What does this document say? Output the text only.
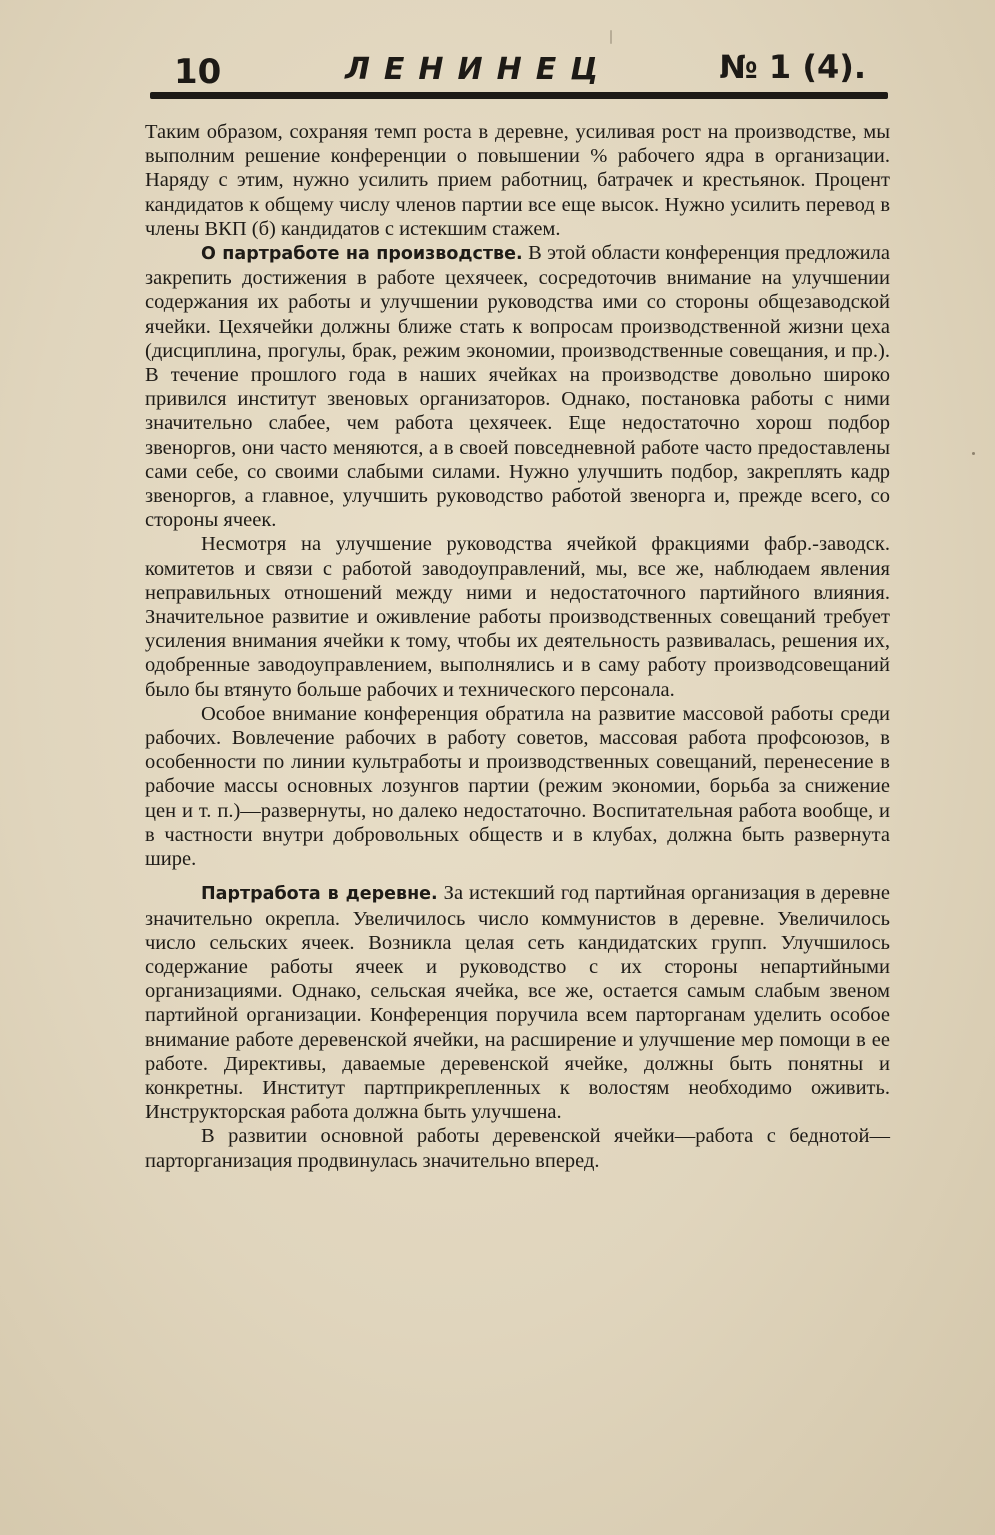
10	ЛЕНИНЕЦ	№ 1 (4).

Таким образом, сохраняя темп роста в деревне, усиливая рост на производстве, мы выполним решение конференции о повышении % рабочего ядра в организации. Наряду с этим, нужно усилить прием работниц, батрачек и крестьянок. Процент кандидатов к общему числу членов партии все еще высок. Нужно усилить перевод в члены ВКП (б) кандидатов с истекшим стажем.

О партработе на производстве. В этой области конференция предложила закрепить достижения в работе цехячеек, сосредоточив внимание на улучшении содержания их работы и улучшении руководства ими со стороны общезаводской ячейки. Цехячейки должны ближе стать к вопросам производственной жизни цеха (дисциплина, прогулы, брак, режим экономии, производственные совещания, и пр.). В течение прошлого года в наших ячейках на производстве довольно широко привился институт звеновых организаторов. Однако, постановка работы с ними значительно слабее, чем работа цехячеек. Еще недостаточно хорош подбор звеноргов, они часто меняются, а в своей повседневной работе часто предоставлены сами себе, со своими слабыми силами. Нужно улучшить подбор, закреплять кадр звеноргов, а главное, улучшить руководство работой звенорга и, прежде всего, со стороны ячеек.

Несмотря на улучшение руководства ячейкой фракциями фабр.-заводск. комитетов и связи с работой заводоуправлений, мы, все же, наблюдаем явления неправильных отношений между ними и недостаточного партийного влияния. Значительное развитие и оживление работы производственных совещаний требует усиления внимания ячейки к тому, чтобы их деятельность развивалась, решения их, одобренные заводоуправлением, выполнялись и в саму работу производсовещаний было бы втянуто больше рабочих и технического персонала.

Особое внимание конференция обратила на развитие массовой работы среди рабочих. Вовлечение рабочих в работу советов, массовая работа профсоюзов, в особенности по линии культработы и производственных совещаний, перенесение в рабочие массы основных лозунгов партии (режим экономии, борьба за снижение цен и т. п.)—развернуты, но далеко недостаточно. Воспитательная работа вообще, и в частности внутри добровольных обществ и в клубах, должна быть развернута шире.

Партработа в деревне. За истекший год партийная организация в деревне значительно окрепла. Увеличилось число коммунистов в деревне. Увеличилось число сельских ячеек. Возникла целая сеть кандидатских групп. Улучшилось содержание работы ячеек и руководство с их стороны непартийными организациями. Однако, сельская ячейка, все же, остается самым слабым звеном партийной организации. Конференция поручила всем парторганам уделить особое внимание работе деревенской ячейки, на расширение и улучшение мер помощи в ее работе. Директивы, даваемые деревенской ячейке, должны быть понятны и конкретны. Институт партприкрепленных к волостям необходимо оживить. Инструкторская работа должна быть улучшена.

В развитии основной работы деревенской ячейки—работа с беднотой—парторганизация продвинулась значительно вперед.
